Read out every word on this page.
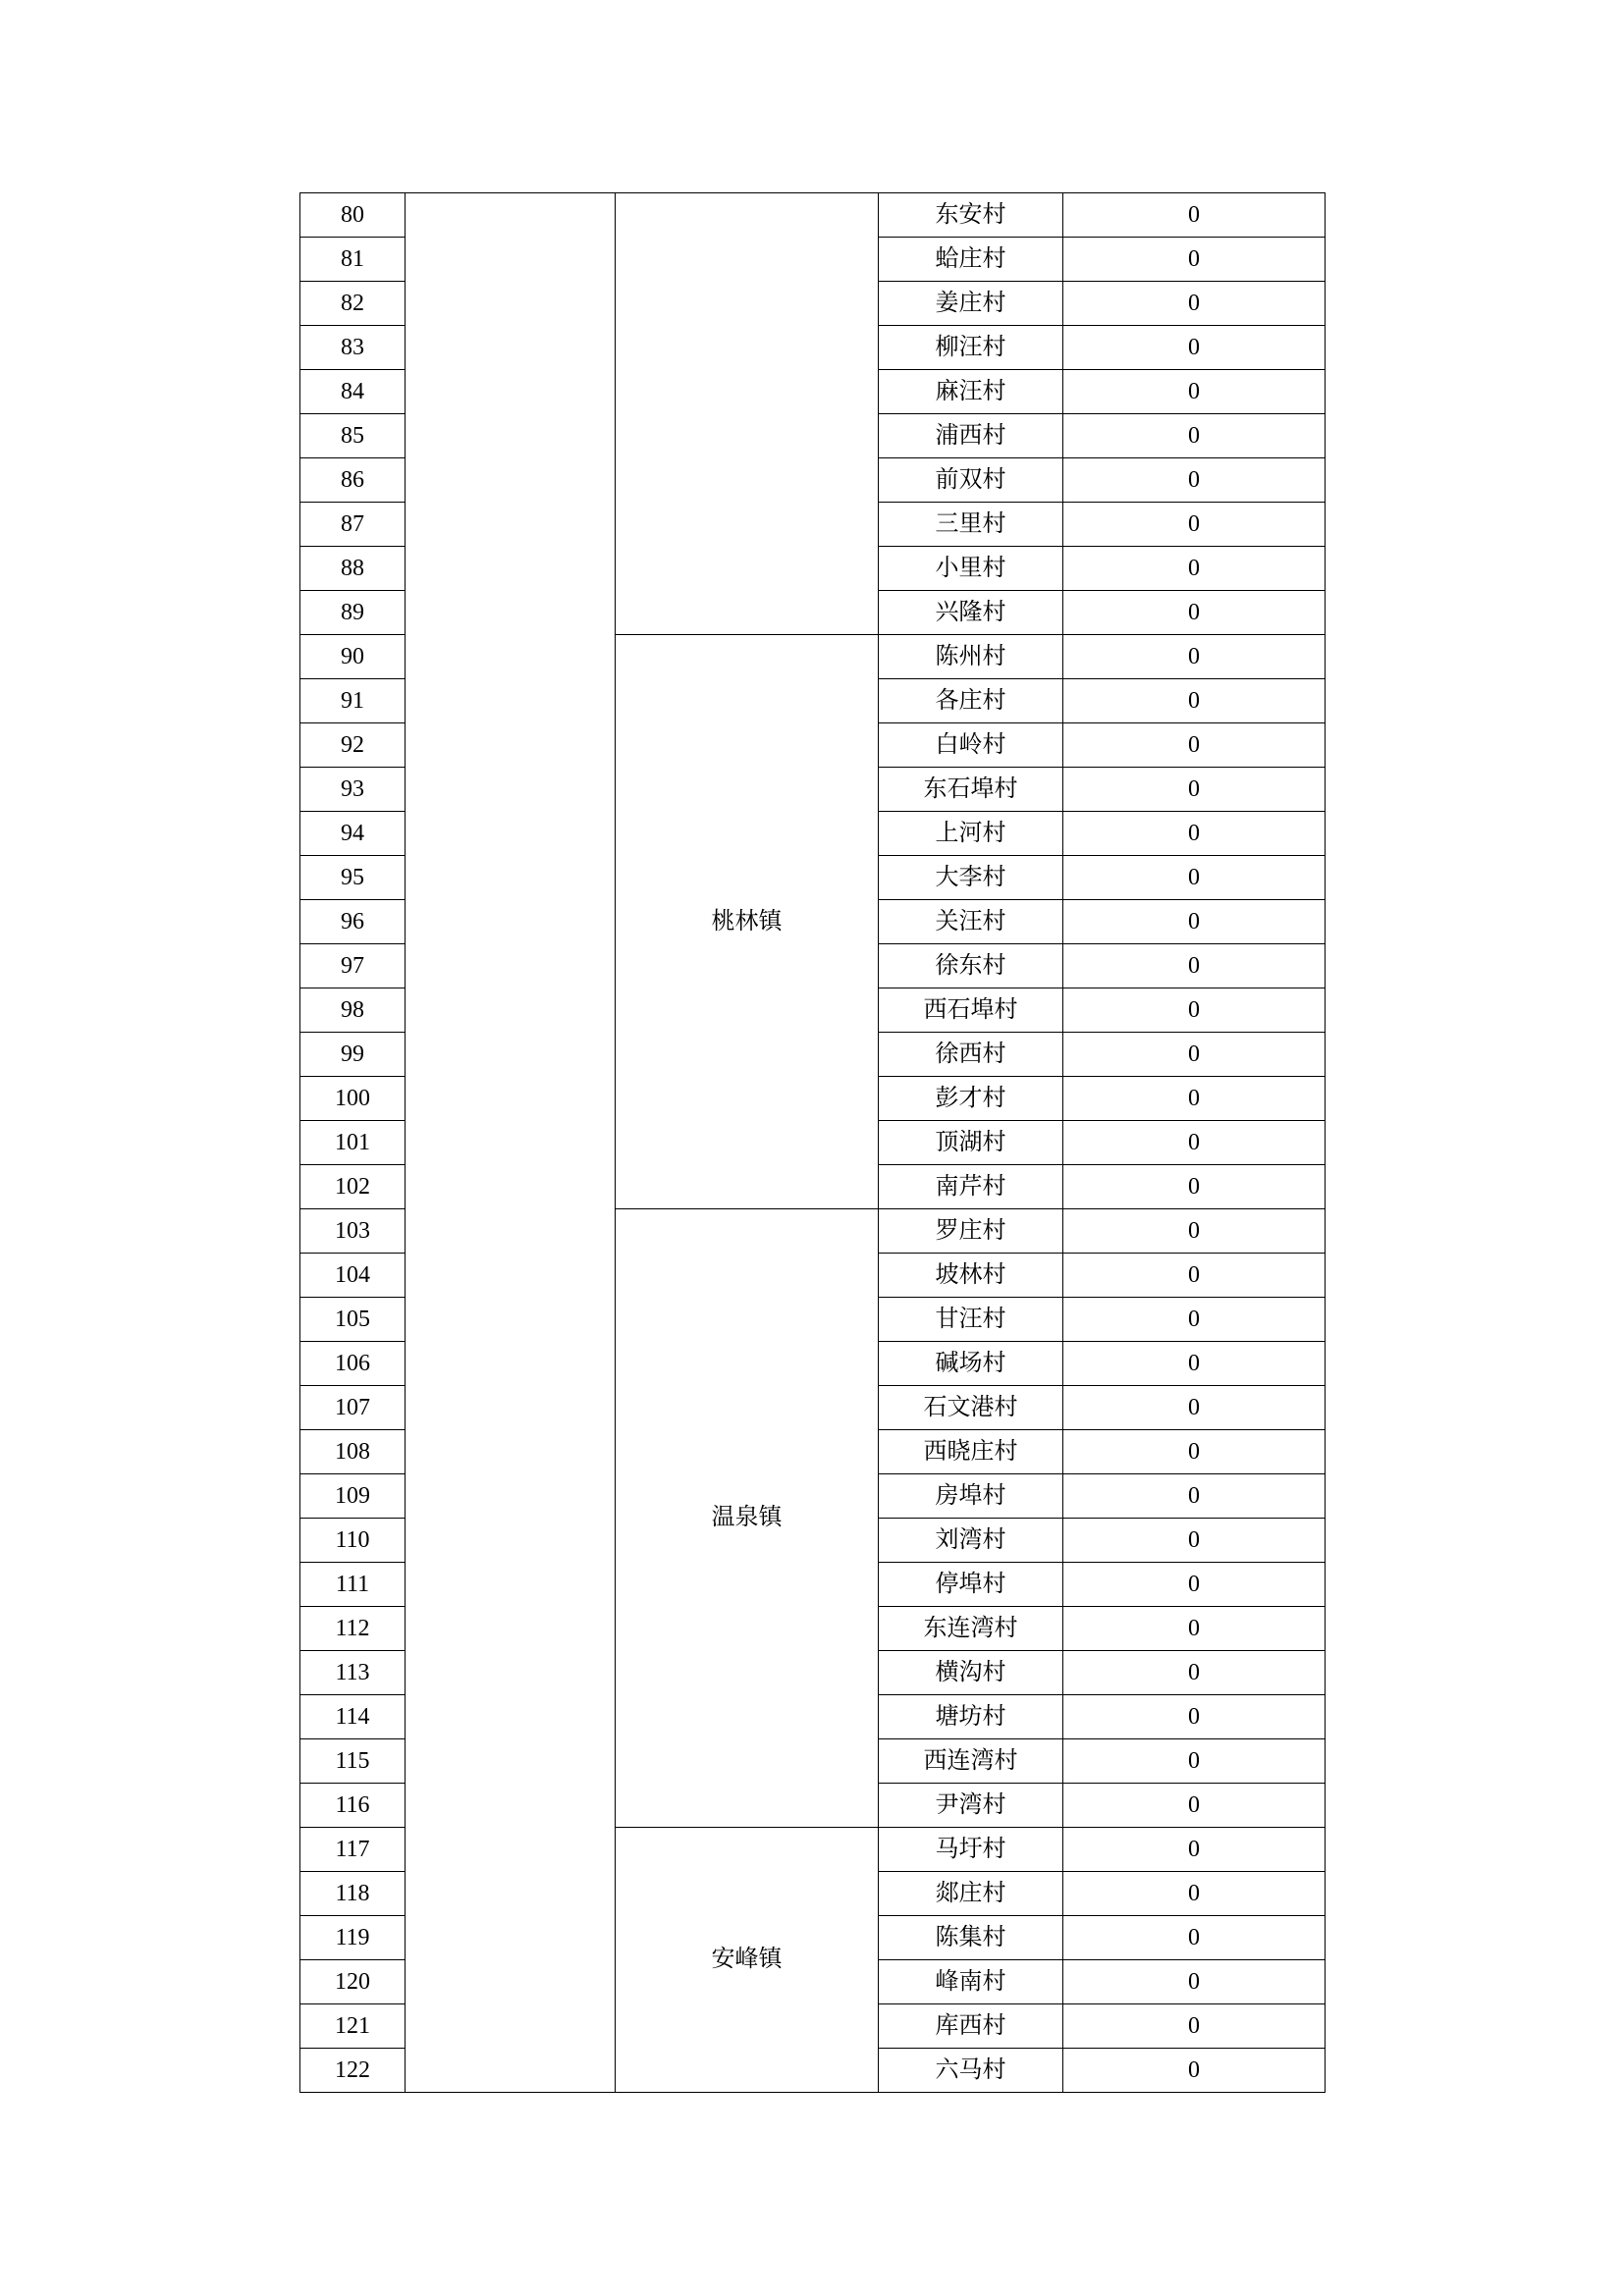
80			东安村	0
81			蛤庄村	0
82			姜庄村	0
83			柳汪村	0
84			麻汪村	0
85			浦西村	0
86			前双村	0
87			三里村	0
88			小里村	0
89			兴隆村	0
90		桃林镇	陈州村	0
91			各庄村	0
92			白岭村	0
93			东石埠村	0
94			上河村	0
95			大李村	0
96			关汪村	0
97			徐东村	0
98			西石埠村	0
99			徐西村	0
100			彭才村	0
101			顶湖村	0
102			南芹村	0
103		温泉镇	罗庄村	0
104			坡林村	0
105			甘汪村	0
106			碱场村	0
107			石文港村	0
108			西晓庄村	0
109			房埠村	0
110			刘湾村	0
111			停埠村	0
112			东连湾村	0
113			横沟村	0
114			塘坊村	0
115			西连湾村	0
116			尹湾村	0
117		安峰镇	马圩村	0
118			郯庄村	0
119			陈集村	0
120			峰南村	0
121			库西村	0
122			六马村	0
